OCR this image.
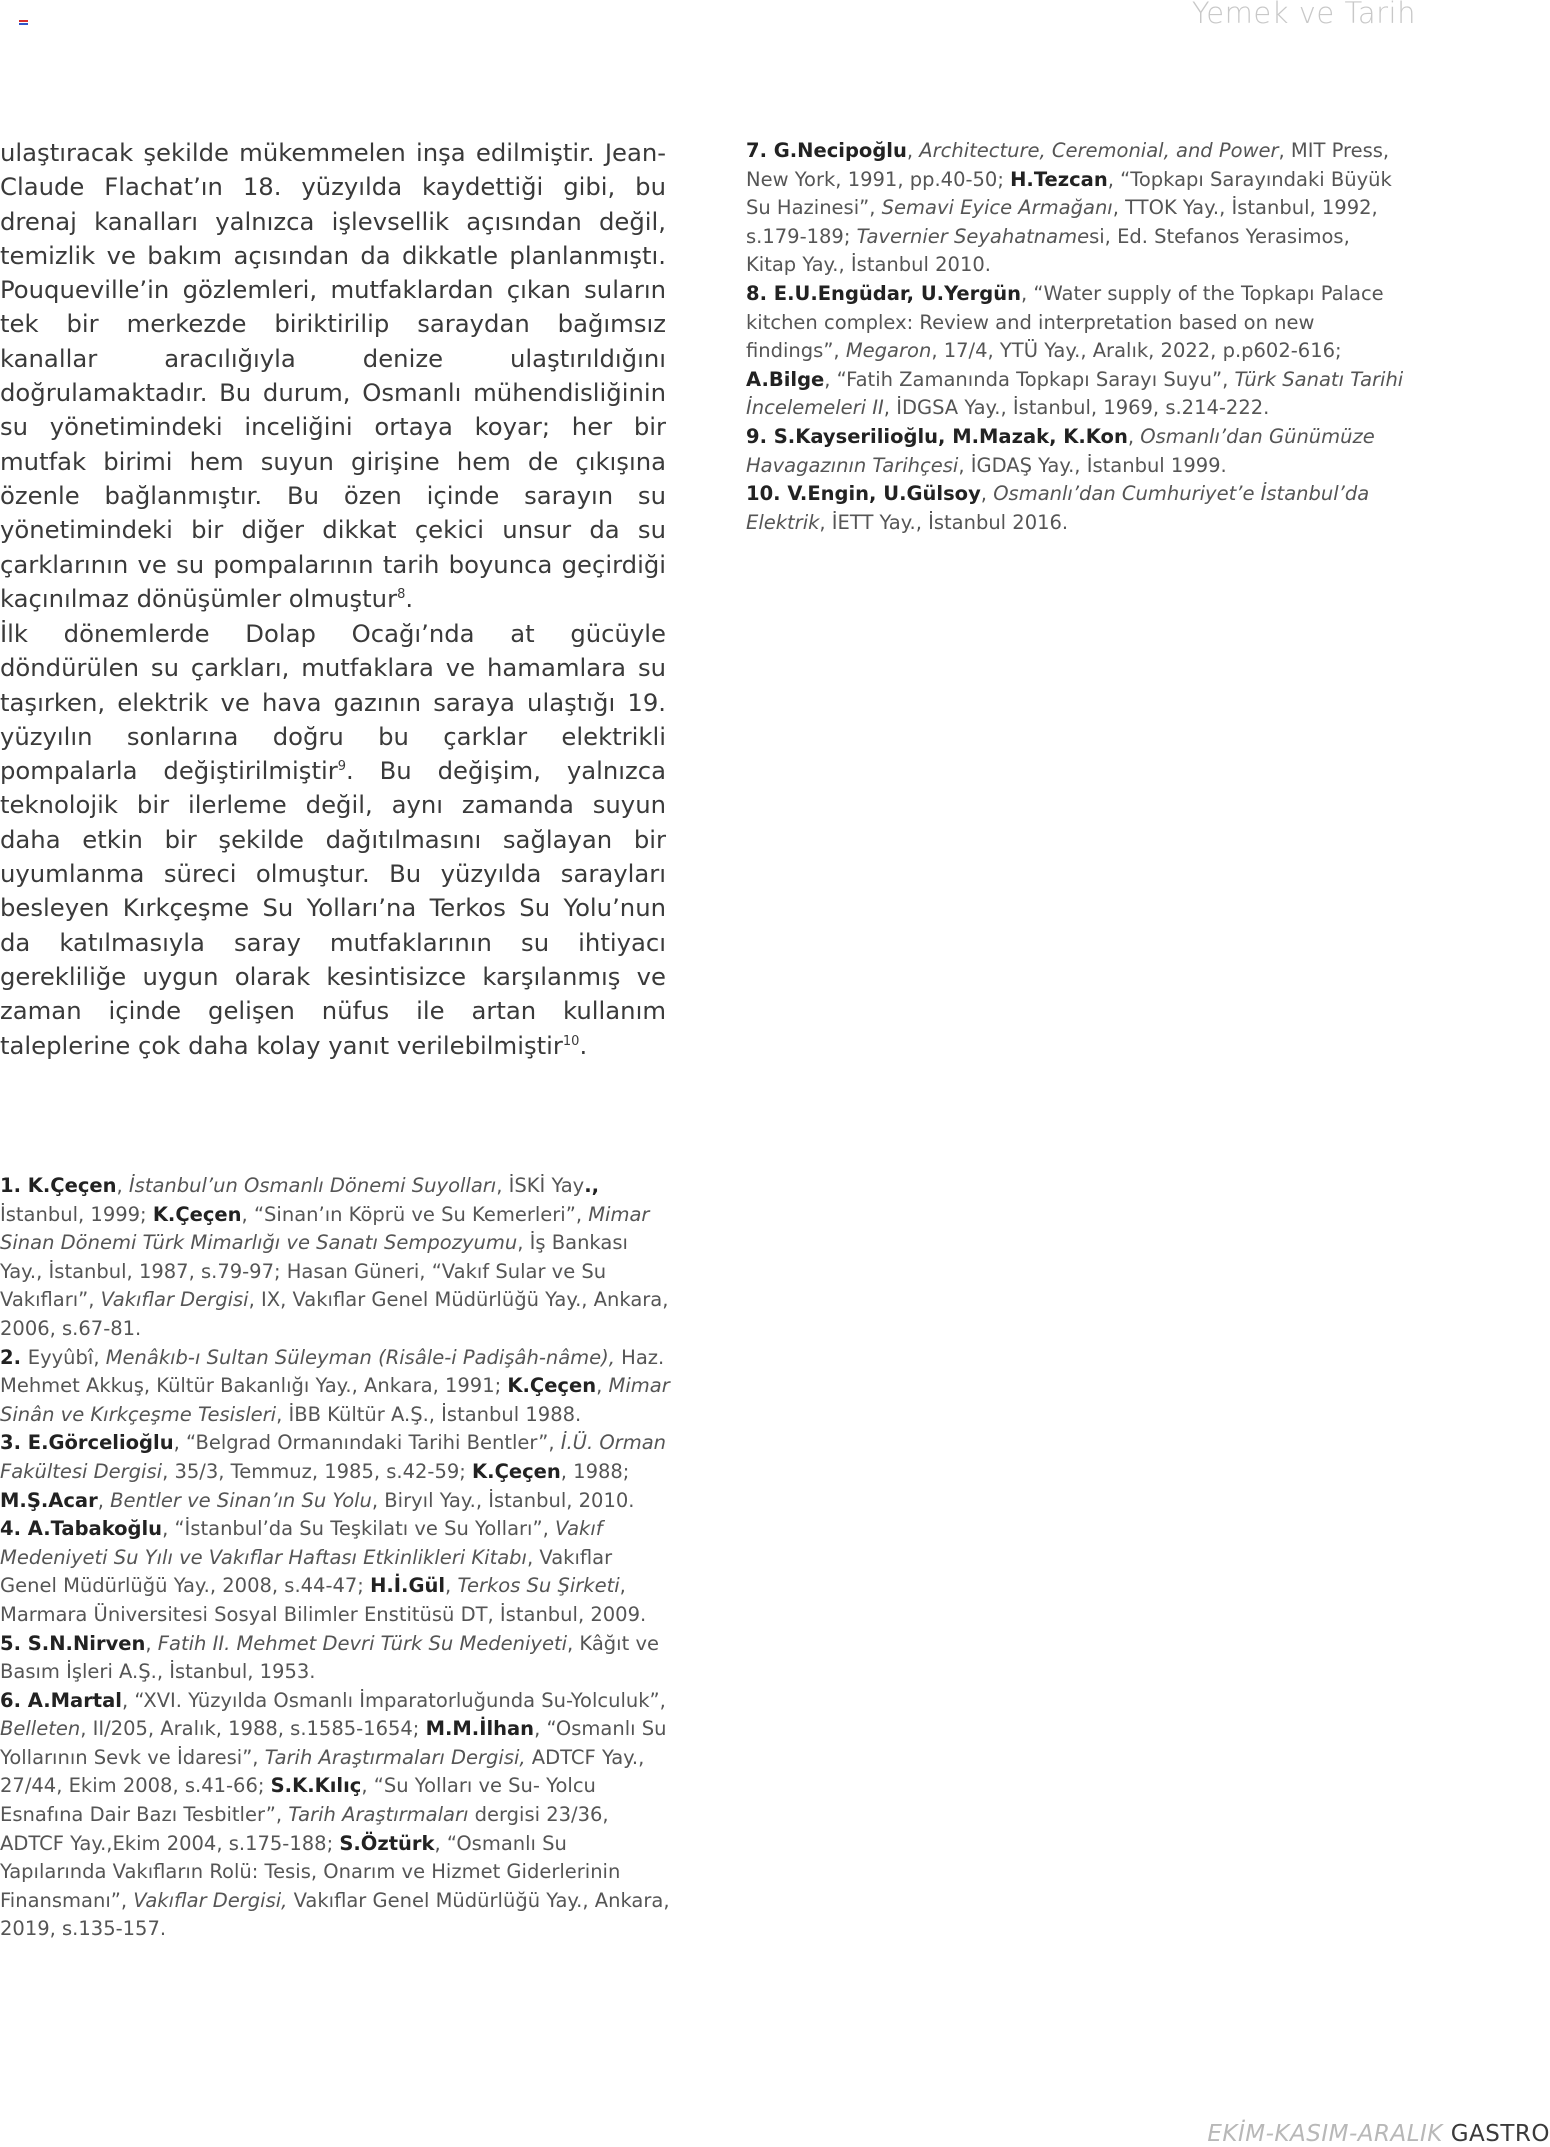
Yemek ve Tarih

ulaştıracak şekilde mükemmelen inşa edilmiştir. Jean-Claude Flachat’ın 18. yüzyılda kaydettiği gibi, bu drenaj kanalları yalnızca işlevsellik açısından değil, temizlik ve bakım açısından da dikkatle planlanmıştı. Pouqueville’in gözlemleri, mutfaklardan çıkan suların tek bir merkezde biriktirilip saraydan bağımsız kanallar aracılığıyla denize ulaştırıldığını doğrulamaktadır. Bu durum, Osmanlı mühendisliğinin su yönetimindeki inceliğini ortaya koyar; her bir mutfak birimi hem suyun girişine hem de çıkışına özenle bağlanmıştır. Bu özen içinde sarayın su yönetimindeki bir diğer dikkat çekici unsur da su çarklarının ve su pompalarının tarih boyunca geçirdiği kaçınılmaz dönüşümler olmuştur$^8$.

İlk dönemlerde Dolap Ocağı’nda at gücüyle döndürülen su çarkları, mutfaklara ve hamamlara su taşırken, elektrik ve hava gazının saraya ulaştığı 19. yüzyılın sonlarına doğru bu çarklar elektrikli pompalarla değiştirilmiştir$^9$. Bu değişim, yalnızca teknolojik bir ilerleme değil, aynı zamanda suyun daha etkin bir şekilde dağıtılmasını sağlayan bir uyumlanma süreci olmuştur. Bu yüzyılda sarayları besleyen Kırkçeşme Su Yolları’na Terkos Su Yolu’nun da katılmasıyla saray mutfaklarının su ihtiyacı gerekliliğe uygun olarak kesintisizce karşılanmış ve zaman içinde gelişen nüfus ile artan kullanım taleplerine çok daha kolay yanıt verilebilmiştir$^{10}$.

7. G.Necipoğlu, Architecture, Ceremonial, and Power, MIT Press, New York, 1991, pp.40-50; H.Tezcan, “Topkapı Sarayındaki Büyük Su Hazinesi”, Semavi Eyice Armağanı, TTOK Yay., İstanbul, 1992, s.179-189; Tavernier Seyahatnamesi, Ed. Stefanos Yerasimos, Kitap Yay., İstanbul 2010.

8. E.U.Engüdar, U.Yergün, “Water supply of the Topkapı Palace kitchen complex: Review and interpretation based on new findings”, Megaron, 17/4, YTÜ Yay., Aralık, 2022, p.p602-616; A.Bilge, “Fatih Zamanında Topkapı Sarayı Suyu”, Türk Sanatı Tarihi İncelemeleri II, İDGSA Yay., İstanbul, 1969, s.214-222.

9. S.Kayserilioğlu, M.Mazak, K.Kon, Osmanlı’dan Günümüze Havagazının Tarihçesi, İGDAŞ Yay., İstanbul 1999.

10. V.Engin, U.Gülsoy, Osmanlı’dan Cumhuriyet’e İstanbul’da Elektrik, İETT Yay., İstanbul 2016.

1. K.Çeçen, İstanbul’un Osmanlı Dönemi Suyolları, İSKİ Yay., İstanbul, 1999; K.Çeçen, “Sinan’ın Köprü ve Su Kemerleri”, Mimar Sinan Dönemi Türk Mimarlığı ve Sanatı Sempozyumu, İş Bankası Yay., İstanbul, 1987, s.79-97; Hasan Güneri, “Vakıf Sular ve Su Vakıfları”, Vakıflar Dergisi, IX, Vakıflar Genel Müdürlüğü Yay., Ankara, 2006, s.67-81.

2. Eyyûbî, Menâkıb-ı Sultan Süleyman (Risâle-i Padişâh-nâme), Haz. Mehmet Akkuş, Kültür Bakanlığı Yay., Ankara, 1991; K.Çeçen, Mimar Sinân ve Kırkçeşme Tesisleri, İBB Kültür A.Ş., İstanbul 1988.

3. E.Görcelioğlu, “Belgrad Ormanındaki Tarihi Bentler”, İ.Ü. Orman Fakültesi Dergisi, 35/3, Temmuz, 1985, s.42-59; K.Çeçen, 1988; M.Ş.Acar, Bentler ve Sinan’ın Su Yolu, Biryıl Yay., İstanbul, 2010.

4. A.Tabakoğlu, “İstanbul’da Su Teşkilatı ve Su Yolları”, Vakıf Medeniyeti Su Yılı ve Vakıflar Haftası Etkinlikleri Kitabı, Vakıflar Genel Müdürlüğü Yay., 2008, s.44-47; H.İ.Gül, Terkos Su Şirketi, Marmara Üniversitesi Sosyal Bilimler Enstitüsü DT, İstanbul, 2009.

5. S.N.Nirven, Fatih II. Mehmet Devri Türk Su Medeniyeti, Kâğıt ve Basım İşleri A.Ş., İstanbul, 1953.

6. A.Martal, “XVI. Yüzyılda Osmanlı İmparatorluğunda Su-Yolculuk”, Belleten, II/205, Aralık, 1988, s.1585-1654; M.M.İlhan, “Osmanlı Su Yollarının Sevk ve İdaresi”, Tarih Araştırmaları Dergisi, ADTCF Yay., 27/44, Ekim 2008, s.41-66; S.K.Kılıç, “Su Yolları ve Su- Yolcu Esnafına Dair Bazı Tesbitler”, Tarih Araştırmaları dergisi 23/36, ADTCF Yay.,Ekim 2004, s.175-188; S.Öztürk, “Osmanlı Su Yapılarında Vakıfların Rolü: Tesis, Onarım ve Hizmet Giderlerinin Finansmanı”, Vakıflar Dergisi, Vakıflar Genel Müdürlüğü Yay., Ankara, 2019, s.135-157.

EKİM-KASIM-ARALIK GASTRO
